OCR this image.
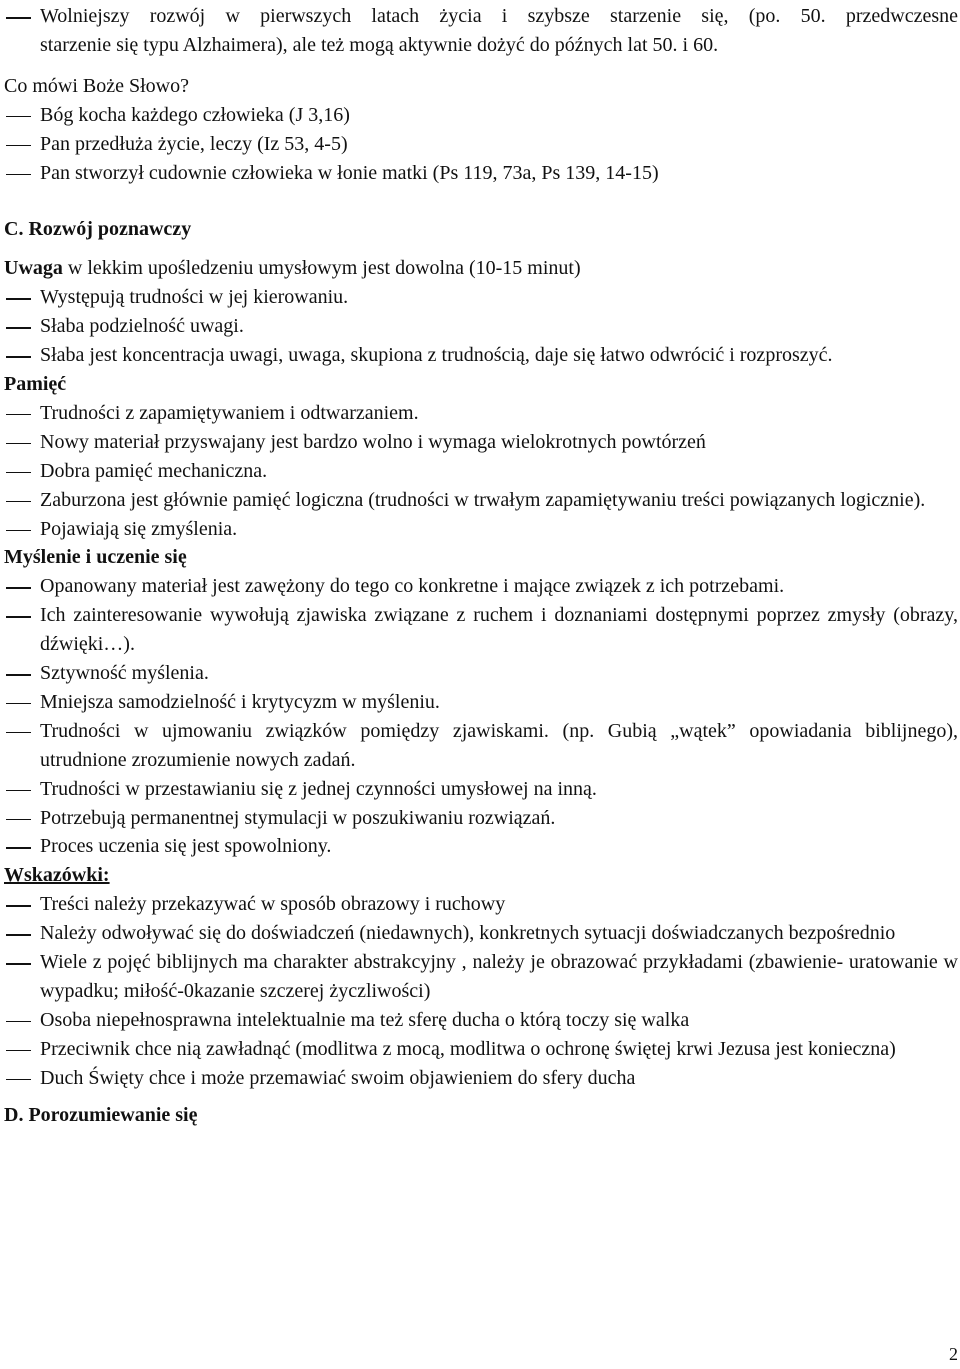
Wolniejszy rozwój w pierwszych latach życia i szybsze starzenie się, (po. 50. przedwczesne
starzenie się typu Alzhaimera), ale też mogą aktywnie dożyć do późnych lat 50. i 60.
Co mówi Boże Słowo?
Bóg kocha każdego człowieka (J 3,16)
Pan przedłuża życie, leczy (Iz 53, 4-5)
Pan stworzył cudownie człowieka w łonie matki (Ps 119, 73a, Ps 139, 14-15)
C. Rozwój poznawczy
Uwaga w lekkim upośledzeniu umysłowym jest dowolna (10-15 minut)
Występują trudności w jej kierowaniu.
Słaba podzielność uwagi.
Słaba jest koncentracja uwagi, uwaga, skupiona z trudnością, daje się łatwo odwrócić i rozproszyć.
Pamięć
Trudności z zapamiętywaniem i odtwarzaniem.
Nowy materiał przyswajany jest bardzo wolno i wymaga wielokrotnych powtórzeń
Dobra pamięć mechaniczna.
Zaburzona jest głównie pamięć logiczna (trudności w trwałym zapamiętywaniu treści powiązanych logicznie).
Pojawiają się zmyślenia.
Myślenie i uczenie się
Opanowany materiał jest zawężony do tego co konkretne i mające związek z ich potrzebami.
Ich zainteresowanie wywołują zjawiska związane z ruchem i doznaniami dostępnymi poprzez zmysły (obrazy, dźwięki…).
Sztywność myślenia.
Mniejsza samodzielność i krytycyzm w myśleniu.
Trudności w ujmowaniu związków pomiędzy zjawiskami. (np. Gubią „wątek” opowiadania biblijnego), utrudnione zrozumienie nowych zadań.
Trudności w przestawianiu się z jednej czynności umysłowej na inną.
Potrzebują permanentnej stymulacji w poszukiwaniu rozwiązań.
Proces uczenia się jest spowolniony.
Wskazówki:
Treści należy przekazywać w sposób obrazowy i ruchowy
Należy odwoływać się do doświadczeń (niedawnych), konkretnych sytuacji doświadczanych bezpośrednio
Wiele z pojęć biblijnych ma charakter abstrakcyjny , należy je obrazować przykładami (zbawienie- uratowanie w wypadku; miłość-0kazanie szczerej życzliwości)
Osoba niepełnosprawna intelektualnie ma też sferę ducha o którą toczy się walka
Przeciwnik chce nią zawładnąć (modlitwa z mocą, modlitwa o ochronę świętej krwi Jezusa jest konieczna)
Duch Święty chce i może przemawiać swoim objawieniem do sfery ducha
D. Porozumiewanie się
2
